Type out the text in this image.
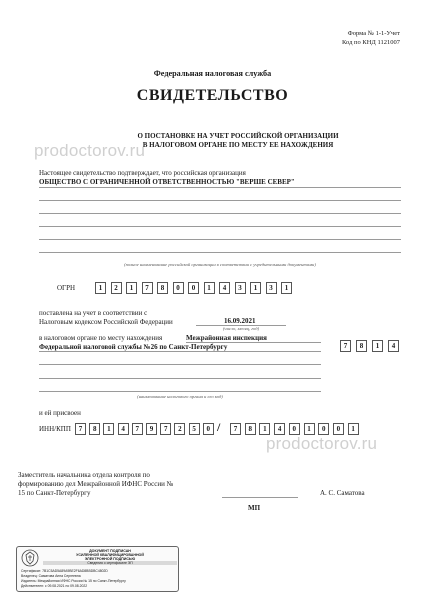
Форма № 1-1-Учет
Код по КНД 1121007
prodoctorov.ru
prodoctorov.ru
Федеральная налоговая служба
СВИДЕТЕЛЬСТВО
О ПОСТАНОВКЕ НА УЧЕТ РОССИЙСКОЙ ОРГАНИЗАЦИИ
В НАЛОГОВОМ ОРГАНЕ ПО МЕСТУ ЕЕ НАХОЖДЕНИЯ
Настоящее свидетельство подтверждает, что российская организация
ОБЩЕСТВО С ОГРАНИЧЕННОЙ ОТВЕТСТВЕННОСТЬЮ "ВЕРШЕ СЕВЕР"
(полное наименование российской организации в соответствии с учредительными документами)
ОГРН	1	2	1	7	8	0	0	1	4	3	1	3	1
поставлена на учет в соответствии с
Налоговым кодексом Российской Федерации	16.09.2021
(число, месяц, год)
в налоговом органе по месту нахождения	Межрайонная инспекция
Федеральной налоговой службы №26 по Санкт-Петербургу	7	8	1	4
(наименование налогового органа и его код)
и ей присвоен
ИНН/КПП	7	8	1	4	7	9	7	2	5	0 /	7	8	1	4	0	1	0	0	1
Заместитель начальника отдела контроля по
формированию дел Межрайонной ИФНС России №
15 по Санкт-Петербургу	А. С. Саматова
МП
ДОКУМЕНТ ПОДПИСАН
УСИЛЕННОЙ КВАЛИФИЦИРОВАННОЙ
ЭЛЕКТРОННОЙ ПОДПИСЬЮ
Сведения о сертификате ЭП
Сертификат: 7B1C5AD5A89A9BE2F6AD8BBDBC4802D
Владелец: Саматова Анна Сергеевна
Издатель: Межрайонная ИФНС России № 15 по Санкт-Петербургу
Действителен: с 09.08.2021 по 09.08.2022
